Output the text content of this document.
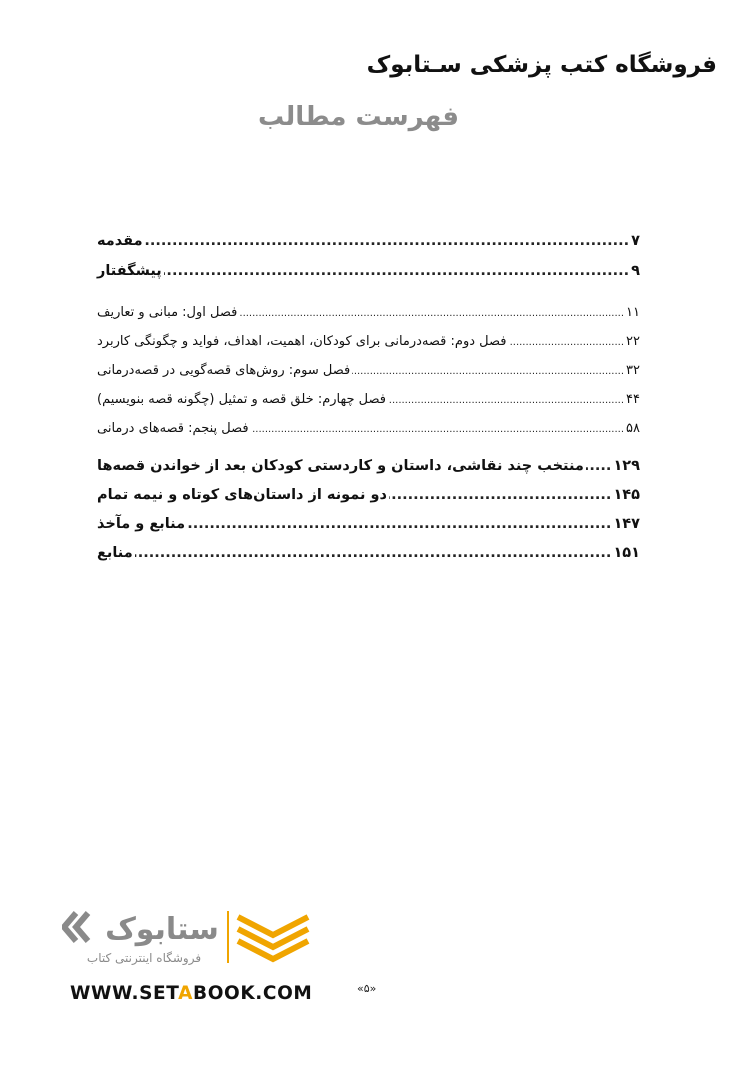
فروشگاه کتب پزشکی سـتابوک
فهرست مطالب
مقدمه .....	۷
پیشگفتار .....	۹
فصل اول: مبانی و تعاریف .....	۱۱
فصل دوم: قصه‌درمانی برای کودکان، اهمیت، اهداف، فواید و چگونگی کاربرد .....	۲۲
فصل سوم: روش‌های قصه‌گویی در قصه‌درمانی .....	۳۲
فصل چهارم: خلق قصه و تمثیل (چگونه قصه بنویسیم) .....	۴۴
فصل پنجم: قصه‌های درمانی .....	۵۸
منتخب چند نقاشی، داستان و کاردستی کودکان بعد از خواندن قصه‌ها ..... ۱۲۹
دو نمونه از داستان‌های کوتاه و نیمه تمام .....	۱۴۵
منابع و مآخذ .....	۱۴۷
منابع .....	۱۵۱
ستابوک
فروشگاه اینترنتی کتاب
WWW.SETABOOK.COM	«۵»
